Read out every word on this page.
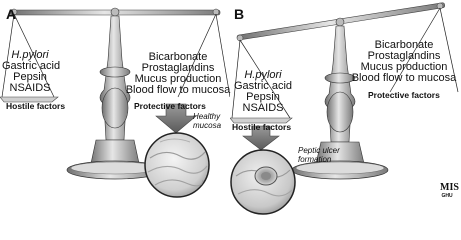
A
H.pylori
Gastric acid
Pepsin
NSAIDS
Hostile factors
Bicarbonate
Prostaglandins
Mucus production
Blood flow to mucosa
Protective factors
Healthy
mucosa
B
H.pylori
Gastric acid
Pepsin
NSAIDS
Hostile factors
Bicarbonate
Prostaglandins
Mucus production
Blood flow to mucosa
Protective factors
Peptic ulcer
formation
MIS
GHU
